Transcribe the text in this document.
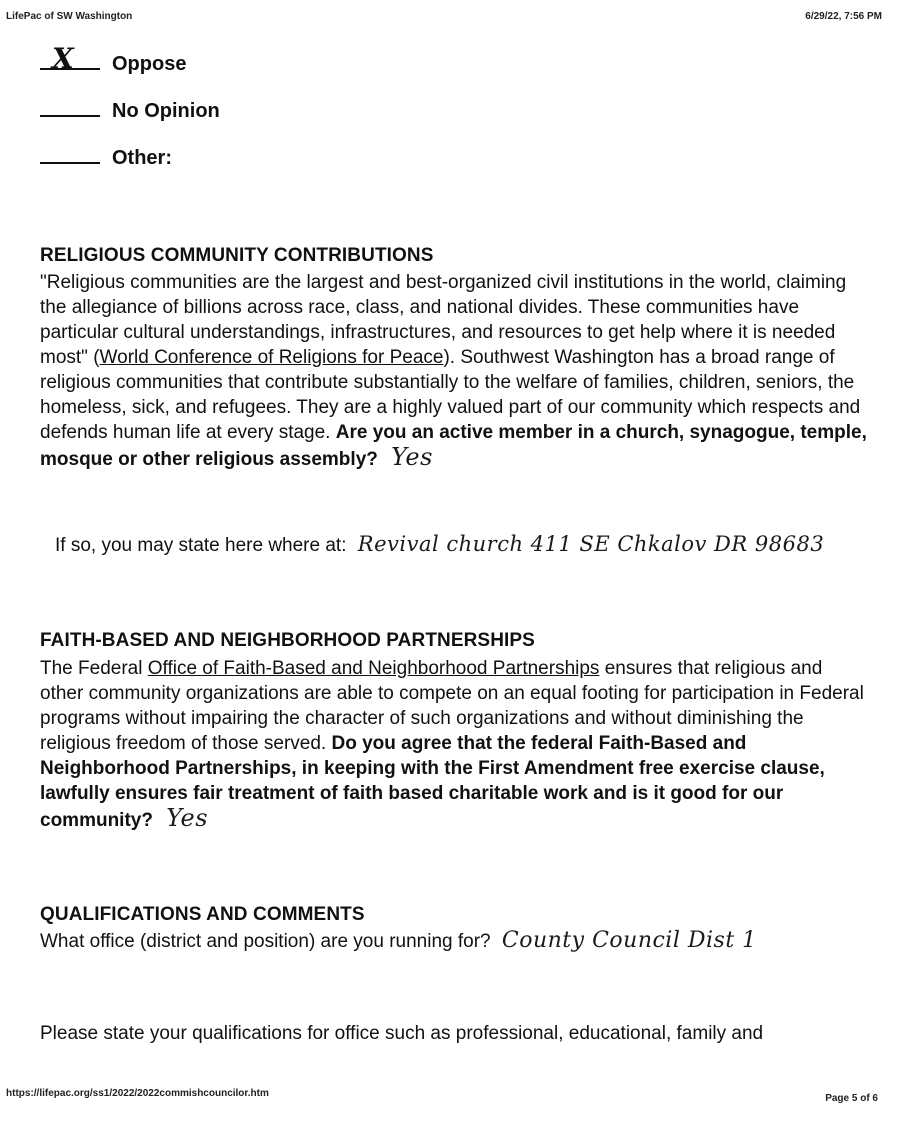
LifePac of SW Washington	6/29/22, 7:56 PM
X Oppose
No Opinion
Other:
RELIGIOUS COMMUNITY CONTRIBUTIONS
"Religious communities are the largest and best-organized civil institutions in the world, claiming the allegiance of billions across race, class, and national divides. These communities have particular cultural understandings, infrastructures, and resources to get help where it is needed most" (World Conference of Religions for Peace). Southwest Washington has a broad range of religious communities that contribute substantially to the welfare of families, children, seniors, the homeless, sick, and refugees. They are a highly valued part of our community which respects and defends human life at every stage. Are you an active member in a church, synagogue, temple, mosque or other religious assembly? Yes
If so, you may state here where at: Revival church 411 SE Chkalov DR 98683
FAITH-BASED AND NEIGHBORHOOD PARTNERSHIPS
The Federal Office of Faith-Based and Neighborhood Partnerships ensures that religious and other community organizations are able to compete on an equal footing for participation in Federal programs without impairing the character of such organizations and without diminishing the religious freedom of those served. Do you agree that the federal Faith-Based and Neighborhood Partnerships, in keeping with the First Amendment free exercise clause, lawfully ensures fair treatment of faith based charitable work and is it good for our community? Yes
QUALIFICATIONS AND COMMENTS
What office (district and position) are you running for? County Council Dist 1
Please state your qualifications for office such as professional, educational, family and
https://lifepac.org/ss1/2022/2022commishcouncilor.htm	Page 5 of 6
